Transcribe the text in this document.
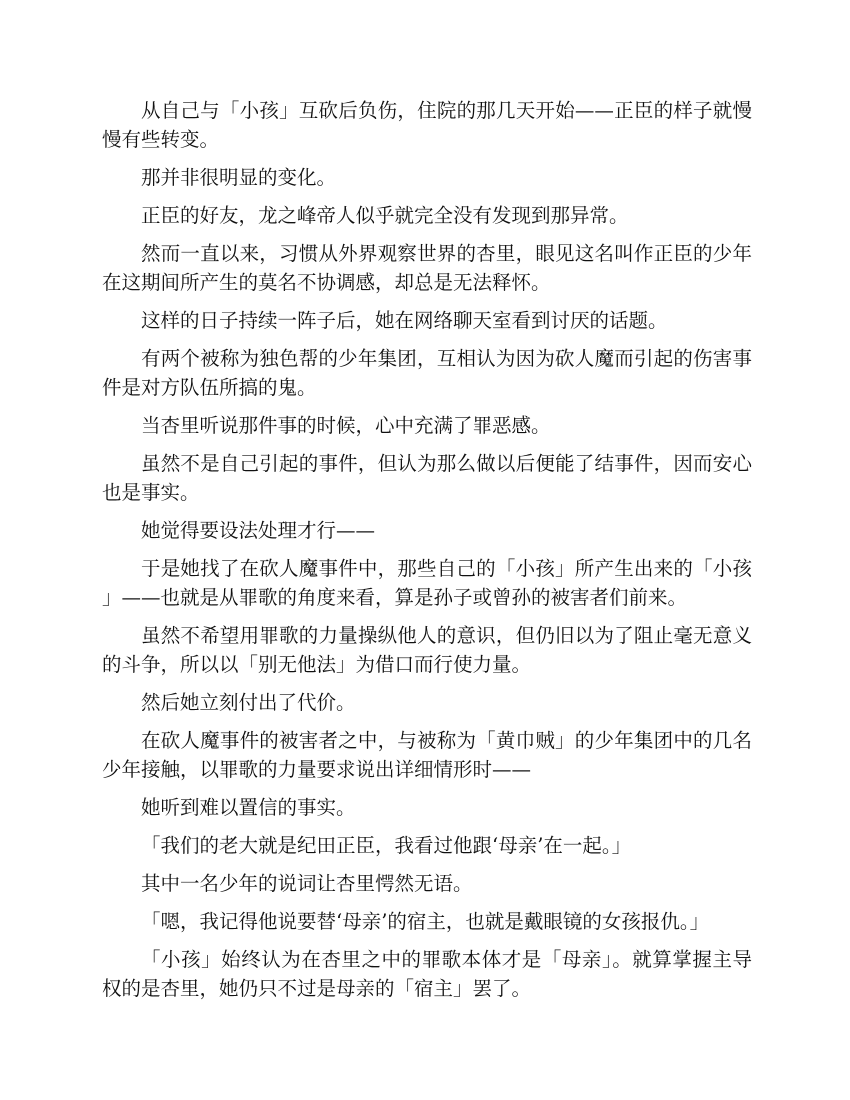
从自己与「小孩」互砍后负伤，住院的那几天开始——正臣的样子就慢慢有些转变。

那并非很明显的变化。

正臣的好友，龙之峰帝人似乎就完全没有发现到那异常。

然而一直以来，习惯从外界观察世界的杏里，眼见这名叫作正臣的少年在这期间所产生的莫名不协调感，却总是无法释怀。

这样的日子持续一阵子后，她在网络聊天室看到讨厌的话题。

有两个被称为独色帮的少年集团，互相认为因为砍人魔而引起的伤害事件是对方队伍所搞的鬼。

当杏里听说那件事的时候，心中充满了罪恶感。

虽然不是自己引起的事件，但认为那么做以后便能了结事件，因而安心也是事实。

她觉得要设法处理才行——

于是她找了在砍人魔事件中，那些自己的「小孩」所产生出来的「小孩」——也就是从罪歌的角度来看，算是孙子或曾孙的被害者们前来。

虽然不希望用罪歌的力量操纵他人的意识，但仍旧以为了阻止毫无意义的斗争，所以以「别无他法」为借口而行使力量。

然后她立刻付出了代价。

在砍人魔事件的被害者之中，与被称为「黄巾贼」的少年集团中的几名少年接触，以罪歌的力量要求说出详细情形时——

她听到难以置信的事实。

「我们的老大就是纪田正臣，我看过他跟‘母亲’在一起。」

其中一名少年的说词让杏里愕然无语。

「嗯，我记得他说要替‘母亲’的宿主，也就是戴眼镜的女孩报仇。」

「小孩」始终认为在杏里之中的罪歌本体才是「母亲」。就算掌握主导权的是杏里，她仍只不过是母亲的「宿主」罢了。
